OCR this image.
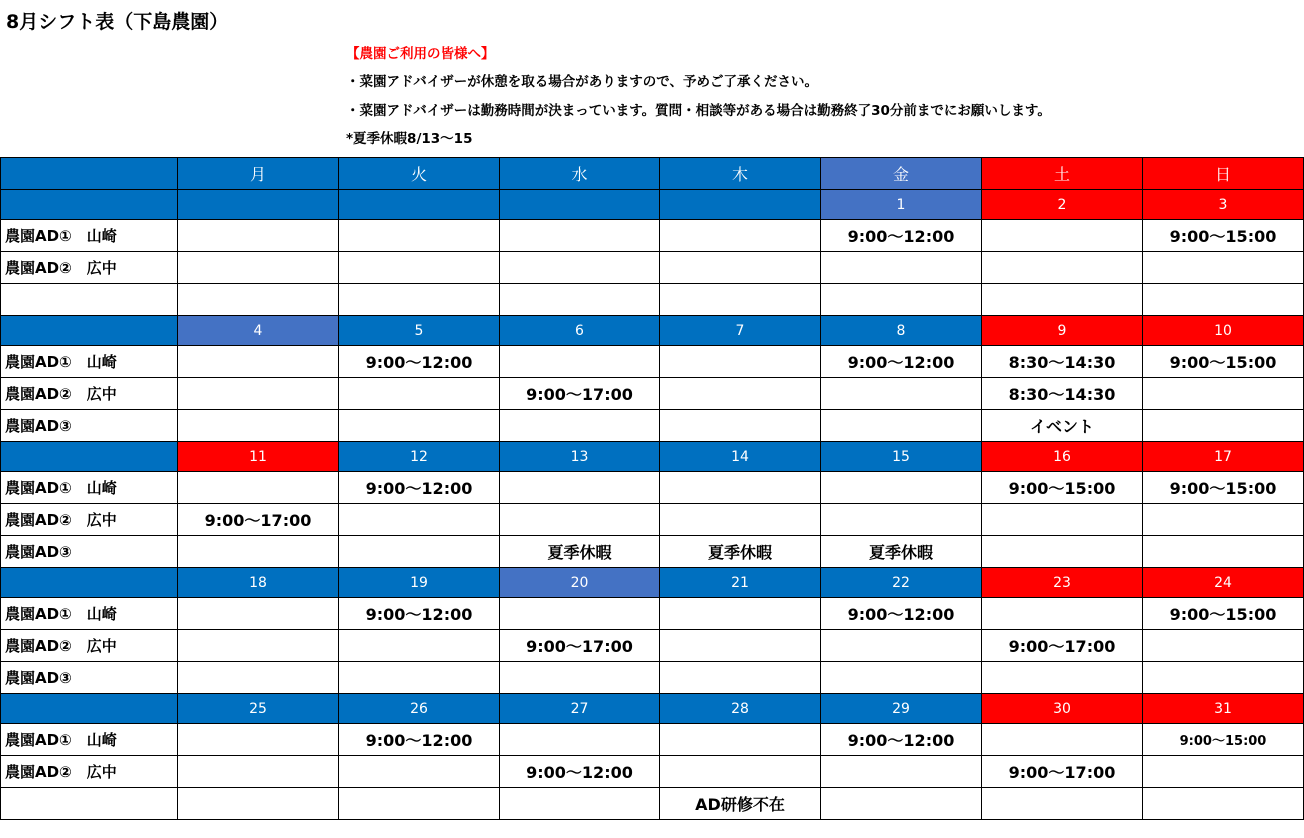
8月シフト表（下島農園）
【農園ご利用の皆様へ】
・菜園アドバイザーが休憩を取る場合がありますので、予めご了承ください。
・菜園アドバイザーは勤務時間が決まっています。質問・相談等がある場合は勤務終了30分前までにお願いします。
*夏季休暇8/13〜15
	月	火	水	木	金	土	日
					1	2	3
農園AD①　山崎					9:00〜12:00		9:00〜15:00
農園AD②　広中							

	4	5	6	7	8	9	10
農園AD①　山崎		9:00〜12:00			9:00〜12:00	8:30〜14:30	9:00〜15:00
農園AD②　広中			9:00〜17:00			8:30〜14:30	
農園AD③						イベント	
	11	12	13	14	15	16	17
農園AD①　山崎		9:00〜12:00				9:00〜15:00	9:00〜15:00
農園AD②　広中	9:00〜17:00						
農園AD③			夏季休暇	夏季休暇	夏季休暇		
	18	19	20	21	22	23	24
農園AD①　山崎		9:00〜12:00			9:00〜12:00		9:00〜15:00
農園AD②　広中			9:00〜17:00			9:00〜17:00	
農園AD③							
	25	26	27	28	29	30	31
農園AD①　山崎		9:00〜12:00			9:00〜12:00		9:00〜15:00
農園AD②　広中			9:00〜12:00			9:00〜17:00	
				AD研修不在			
